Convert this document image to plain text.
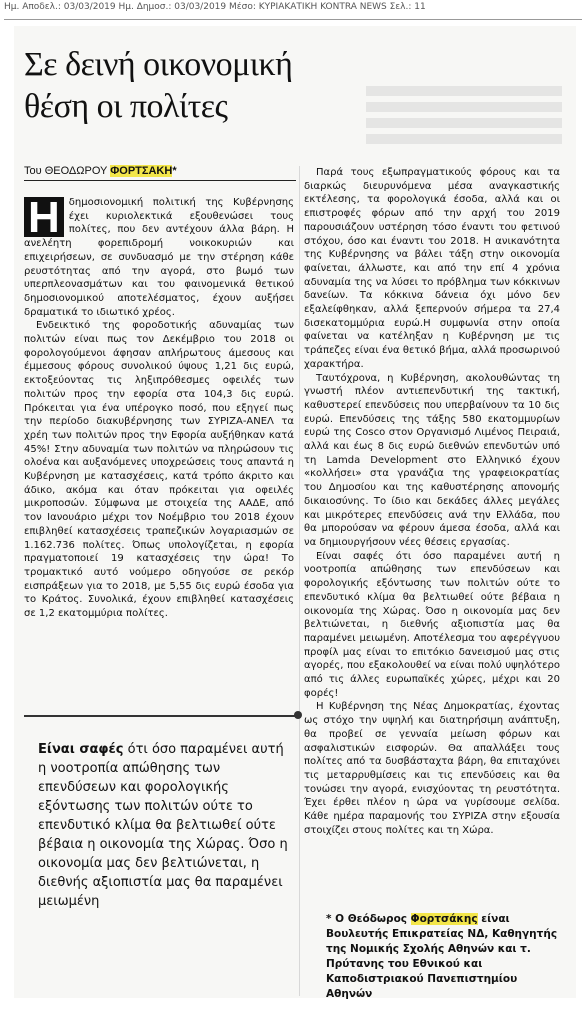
Ημ. Αποδελ.: 03/03/2019 Ημ. Δημοσ.: 03/03/2019 Μέσο: ΚΥΡΙΑΚΑΤΙΚΗ KONTRA NEWS Σελ.: 11
Σε δεινή οικονομική
θέση οι πολίτες
Του ΘΕΟΔΩΡΟΥ ΦΟΡΤΣΑΚΗ*

Η δημοσιονομική πολιτική της Κυβέρνησης έχει κυριολεκτικά εξουθενώσει τους πολίτες, που δεν αντέχουν άλλα βάρη. Η ανελέητη φορεπιδρομή νοικοκυριών και επιχειρήσεων, σε συνδυασμό με την στέρηση κάθε ρευστότητας από την αγορά, στο βωμό των υπερπλεονασμάτων και του φαινομενικά θετικού δημοσιονομικού αποτελέσματος, έχουν αυξήσει δραματικά το ιδιωτικό χρέος.

Ενδεικτικό της φοροδοτικής αδυναμίας των πολιτών είναι πως τον Δεκέμβριο του 2018 οι φορολογούμενοι άφησαν απλήρωτους άμεσους και έμμεσους φόρους συνολικού ύψους 1,21 δις ευρώ, εκτοξεύοντας τις ληξιπρόθεσμες οφειλές των πολιτών προς την εφορία στα 104,3 δις ευρώ. Πρόκειται για ένα υπέρογκο ποσό, που εξηγεί πως την περίοδο διακυβέρνησης των ΣΥΡΙΖΑ-ΑΝΕΛ τα χρέη των πολιτών προς την Εφορία αυξήθηκαν κατά 45%! Στην αδυναμία των πολιτών να πληρώσουν τις ολοένα και αυξανόμενες υποχρεώσεις τους απαντά η Κυβέρνηση με κατασχέσεις, κατά τρόπο άκριτο και άδικο, ακόμα και όταν πρόκειται για οφειλές μικροποσών. Σύμφωνα με στοιχεία της ΑΑΔΕ, από τον Ιανουάριο μέχρι τον Νοέμβριο του 2018 έχουν επιβληθεί κατασχέσεις τραπεζικών λογαριασμών σε 1.162.736 πολίτες. Όπως υπολογίζεται, η εφορία πραγματοποιεί 19 κατασχέσεις την ώρα! Το τρομακτικό αυτό νούμερο οδηγούσε σε ρεκόρ εισπράξεων για το 2018, με 5,55 δις ευρώ έσοδα για το Κράτος. Συνολικά, έχουν επιβληθεί κατασχέσεις σε 1,2 εκατομμύρια πολίτες.

Είναι σαφές ότι όσο παραμένει αυτή η νοοτροπία απώθησης των επενδύσεων και φορολογικής εξόντωσης των πολιτών ούτε το επενδυτικό κλίμα θα βελτιωθεί ούτε βέβαια η οικονομία της Χώρας. Όσο η οικονομία μας δεν βελτιώνεται, η διεθνής αξιοπιστία μας θα παραμένει μειωμένη

Παρά τους εξωπραγματικούς φόρους και τα διαρκώς διευρυνόμενα μέσα αναγκαστικής εκτέλεσης, τα φορολογικά έσοδα, αλλά και οι επιστροφές φόρων από την αρχή του 2019 παρουσιάζουν υστέρηση τόσο έναντι του φετινού στόχου, όσο και έναντι του 2018. Η ανικανότητα της Κυβέρνησης να βάλει τάξη στην οικονομία φαίνεται, άλλωστε, και από την επί 4 χρόνια αδυναμία της να λύσει το πρόβλημα των κόκκινων δανείων. Τα κόκκινα δάνεια όχι μόνο δεν εξαλείφθηκαν, αλλά ξεπερνούν σήμερα τα 27,4 δισεκατομμύρια ευρώ.Η συμφωνία στην οποία φαίνεται να κατέληξαν η Κυβέρνηση με τις τράπεζες είναι ένα θετικό βήμα, αλλά προσωρινού χαρακτήρα.

Ταυτόχρονα, η Κυβέρνηση, ακολουθώντας τη γνωστή πλέον αντιεπενδυτική της τακτική, καθυστερεί επενδύσεις που υπερβαίνουν τα 10 δις ευρώ. Επενδύσεις της τάξης 580 εκατομμυρίων ευρώ της Cosco στον Οργανισμό Λιμένος Πειραιά, αλλά και έως 8 δις ευρώ διεθνών επενδυτών υπό τη Lamda Development στο Ελληνικό έχουν «κολλήσει» στα γρανάζια της γραφειοκρατίας του Δημοσίου και της καθυστέρησης απονομής δικαιοσύνης. Το ίδιο και δεκάδες άλλες μεγάλες και μικρότερες επενδύσεις ανά την Ελλάδα, που θα μπορούσαν να φέρουν άμεσα έσοδα, αλλά και να δημιουργήσουν νέες θέσεις εργασίας.

Είναι σαφές ότι όσο παραμένει αυτή η νοοτροπία απώθησης των επενδύσεων και φορολογικής εξόντωσης των πολιτών ούτε το επενδυτικό κλίμα θα βελτιωθεί ούτε βέβαια η οικονομία της Χώρας. Όσο η οικονομία μας δεν βελτιώνεται, η διεθνής αξιοπιστία μας θα παραμένει μειωμένη. Αποτέλεσμα του αφερέγγυου προφίλ μας είναι το επιτόκιο δανεισμού μας στις αγορές, που εξακολουθεί να είναι πολύ υψηλότερο από τις άλλες ευρωπαϊκές χώρες, μέχρι και 20 φορές!

Η Κυβέρνηση της Νέας Δημοκρατίας, έχοντας ως στόχο την υψηλή και διατηρήσιμη ανάπτυξη, θα προβεί σε γενναία μείωση φόρων και ασφαλιστικών εισφορών. Θα απαλλάξει τους πολίτες από τα δυσβάσταχτα βάρη, θα επιταχύνει τις μεταρρυθμίσεις και τις επενδύσεις και θα τονώσει την αγορά, ενισχύοντας τη ρευστότητα. Έχει έρθει πλέον η ώρα να γυρίσουμε σελίδα. Κάθε ημέρα παραμονής του ΣΥΡΙΖΑ στην εξουσία στοιχίζει στους πολίτες και τη Χώρα.

* Ο Θεόδωρος Φορτσάκης είναι Βουλευτής Επικρατείας ΝΔ, Καθηγητής της Νομικής Σχολής Αθηνών και τ. Πρύτανης του Εθνικού και Καποδιστριακού Πανεπιστημίου Αθηνών
